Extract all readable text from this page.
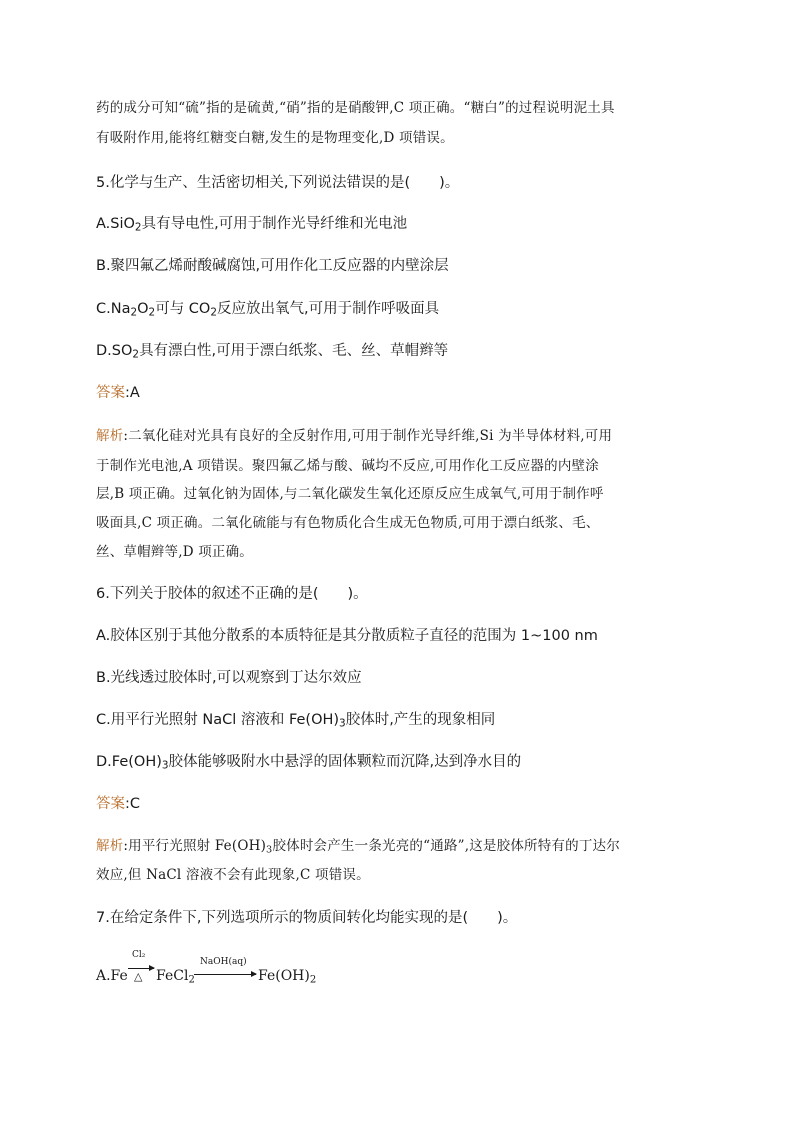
药的成分可知“硫”指的是硫黄,“硝”指的是硝酸钾,C 项正确。“糖白”的过程说明泥土具
有吸附作用,能将红糖变白糖,发生的是物理变化,D 项错误。
5.化学与生产、生活密切相关,下列说法错误的是(　　)。
A.SiO$_2$具有导电性,可用于制作光导纤维和光电池
B.聚四氟乙烯耐酸碱腐蚀,可用作化工反应器的内壁涂层
$C.Na_2O_2$可与 $CO_2$反应放出氧气,可用于制作呼吸面具
$D.SO_2$具有漂白性,可用于漂白纸浆、毛、丝、草帽辫等
答案:A
解析:二氧化硅对光具有良好的全反射作用,可用于制作光导纤维,Si 为半导体材料,可用
于制作光电池,A 项错误。聚四氟乙烯与酸、碱均不反应,可用作化工反应器的内壁涂
层,B 项正确。过氧化钠为固体,与二氧化碳发生氧化还原反应生成氧气,可用于制作呼
吸面具,C 项正确。二氧化硫能与有色物质化合生成无色物质,可用于漂白纸浆、毛、
丝、草帽辫等,D 项正确。
6.下列关于胶体的叙述不正确的是(　　)。
A.胶体区别于其他分散系的本质特征是其分散质粒子直径的范围为 1~100 nm
B.光线透过胶体时,可以观察到丁达尔效应
C.用平行光照射 NaCl 溶液和 $Fe(OH)_3$胶体时,产生的现象相同
$D.Fe(OH)_3$胶体能够吸附水中悬浮的固体颗粒而沉降,达到净水目的
答案:C
解析:用平行光照射 $Fe(OH)_3$胶体时会产生一条光亮的“通路”,这是胶体所特有的丁达尔
效应,但 NaCl 溶液不会有此现象,C 项错误。
7.在给定条件下,下列选项所示的物质间转化均能实现的是(　　)。
A.Fe
Cl₂
△ FeCl$_2$
NaOH(aq)
$Fe(OH)_2$
